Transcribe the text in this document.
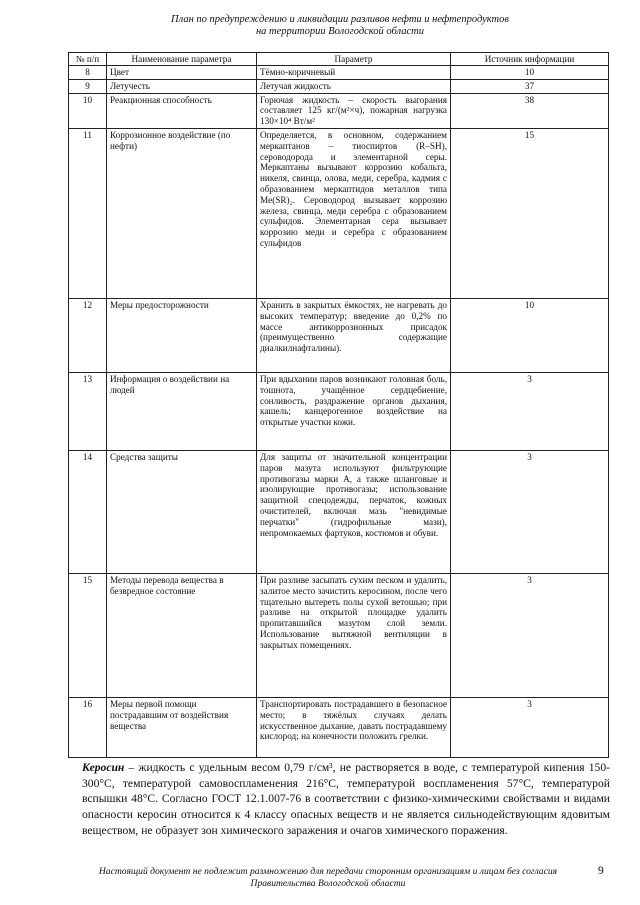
План по предупреждению и ликвидации разливов нефти и нефтепродуктов
на территории Вологодской области
№ п/п	Наименование параметра	Параметр	Источник информации
8	Цвет	Тёмно-коричневый	10
9	Летучесть	Летучая жидкость	37
10	Реакционная способность	Горючая жидкость – скорость выгорания составляет 125 кг/(м²×ч), пожарная нагрузка 130×10⁴ Вт/м²	38
11	Коррозионное воздействие (по нефти)	Определяется, в основном, содержанием меркаптанов – тиоспиртов (R–SH), сероводорода и элементарной серы. Меркаптаны вызывают коррозию кобальта, никеля, свинца, олова, меди, серебра, кадмия с образованием меркаптидов металлов типа Me(SR)₂. Сероводород вызывает коррозию железа, свинца, меди серебра с образованием сульфидов. Элементарная сера вызывает коррозию меди и серебра с образованием сульфидов	15
12	Меры предосторожности	Хранить в закрытых ёмкостях, не нагревать до высоких температур; введение до 0,2% по массе антикоррозионных присадок (преимущественно содержащие диалкилнафталины).	10
13	Информация о воздействии на людей	При вдыхании паров возникают головная боль, тошнота, учащённое сердцебиение, сонливость, раздражение органов дыхания, кашель; канцерогенное воздействие на открытые участки кожи.	3
14	Средства защиты	Для защиты от значительной концентрации паров мазута используют фильтрующие противогазы марки А, а также шланговые и изолирующие противогазы; использование защитной спецодежды, перчаток, кожных очистителей, включая мазь "невидимые перчатки" (гидрофильные мази), непромокаемых фартуков, костюмов и обуви.	3
15	Методы перевода вещества в безвредное состояние	При разливе засыпать сухим песком и удалить, залитое место зачистить керосином, после чего тщательно вытереть полы сухой ветошью; при разливе на открытой площадке удалить пропитавшийся мазутом слой земли. Использование вытяжной вентиляции в закрытых помещениях.	3
16	Меры первой помощи пострадавшим от воздействия вещества	Транспортировать пострадавшего в безопасное место; в тяжёлых случаях делать искусственное дыхание, давать пострадавшему кислород; на конечности положить грелки.	3
Керосин – жидкость с удельным весом 0,79 г/см³, не растворяется в воде, с температурой кипения 150-300°С, температурой самовоспламенения 216°С, температурой воспламенения 57°С, температурой вспышки 48°С. Согласно ГОСТ 12.1.007-76 в соответствии с физико-химическими свойствами и видами опасности керосин относится к 4 классу опасных веществ и не является сильнодействующим ядовитым веществом, не образует зон химического заражения и очагов химического поражения.
Настоящий документ не подлежит размножению для передачи сторонним организациям и лицам без согласия Правительства Вологодской области
9
